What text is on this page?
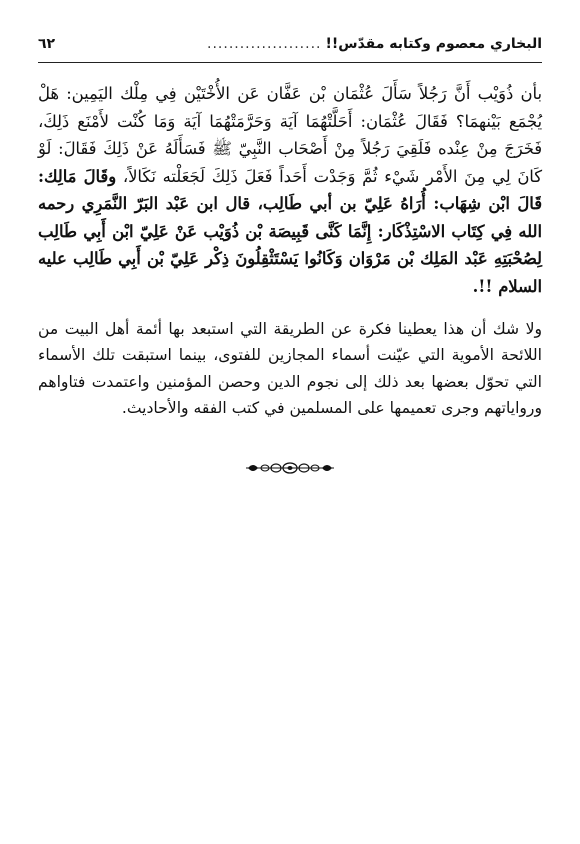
البخاري معصوم وكتابه مقدّس!!
.....................
٦٢
بأن ذُوَيْب أَنَّ رَجُلاً سَأَلَ عُثْمَان بْن عَفَّان عَن الأُخْتَيْن فِي مِلْك اليَمِين: هَلْ يُجْمَع بَيْنهمَا؟ فَقَالَ عُثْمَان: أَحَلَّتْهُمَا آيَة وَحَرَّمَتْهُمَا آيَة وَمَا كُنْت لأَمْنَع ذَلِكَ، فَخَرَجَ مِنْ عِنْده فَلَقِيَ رَجُلاً مِنْ أَصْحَاب النَّبِيّ ﷺ فَسَأَلَهُ عَنْ ذَلِكَ فَقَالَ: لَوْ كَانَ لِي مِنَ الأَمْر شَيْء ثُمَّ وَجَدْت أَحَداً فَعَلَ ذَلِكَ لَجَعَلْته نَكَالاً، وقَالَ مَالِك: قَالَ ابْن شِهَاب: أُرَاهُ عَلِيّ بن أبي طَالِب، قال ابن عَبْد البَرّ النَّمَرِي رحمه الله فِي كِتَاب الاسْتِذْكَار: إِنَّمَا كَنَّى قَبِيصَة بْن ذُوَيْب عَنْ عَلِيّ ابْن أَبِي طَالِب لِصُحْبَتِهِ عَبْد المَلِك بْن مَرْوَان وَكَانُوا يَسْتَثْقِلُونَ ذِكْر عَلِيّ بْن أَبِي طَالِب عليه السلام !!.
ولا شك أن هذا يعطينا فكرة عن الطريقة التي استبعد بها أئمة أهل البيت من اللائحة الأموية التي عيّنت أسماء المجازين للفتوى، بينما استبقت تلك الأسماء التي تحوّل بعضها بعد ذلك إلى نجوم الدين وحصن المؤمنين واعتمدت فتاواهم ورواياتهم وجرى تعميمها على المسلمين في كتب الفقه والأحاديث.
